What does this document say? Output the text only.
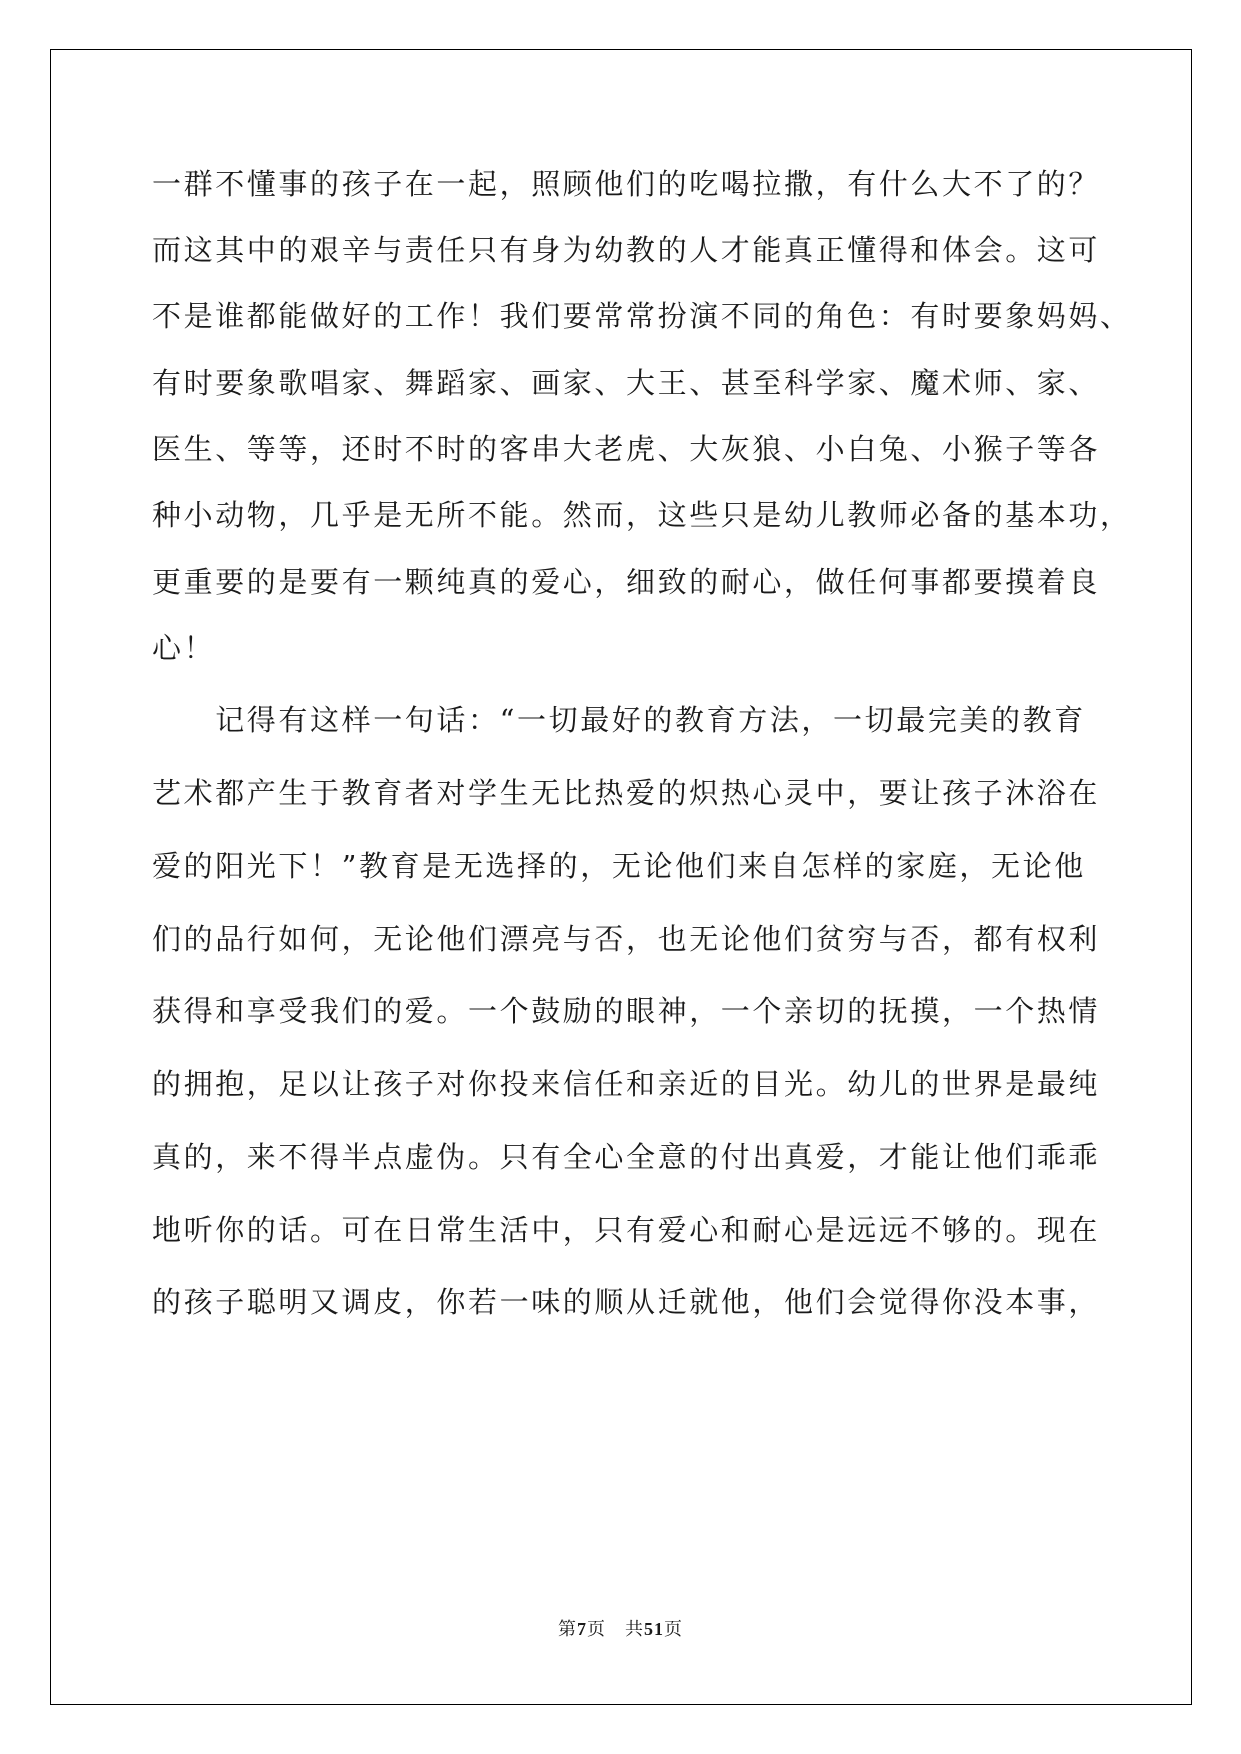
一群不懂事的孩子在一起，照顾他们的吃喝拉撒，有什么大不了的？

而这其中的艰辛与责任只有身为幼教的人才能真正懂得和体会。这可

不是谁都能做好的工作！我们要常常扮演不同的角色：有时要象妈妈、

有时要象歌唱家、舞蹈家、画家、大王、甚至科学家、魔术师、家、

医生、等等，还时不时的客串大老虎、大灰狼、小白兔、小猴子等各

种小动物，几乎是无所不能。然而，这些只是幼儿教师必备的基本功，

更重要的是要有一颗纯真的爱心，细致的耐心，做任何事都要摸着良

心！

　　记得有这样一句话：“一切最好的教育方法，一切最完美的教育

艺术都产生于教育者对学生无比热爱的炽热心灵中，要让孩子沐浴在

爱的阳光下！”教育是无选择的，无论他们来自怎样的家庭，无论他

们的品行如何，无论他们漂亮与否，也无论他们贫穷与否，都有权利

获得和享受我们的爱。一个鼓励的眼神，一个亲切的抚摸，一个热情

的拥抱，足以让孩子对你投来信任和亲近的目光。幼儿的世界是最纯

真的，来不得半点虚伪。只有全心全意的付出真爱，才能让他们乖乖

地听你的话。可在日常生活中，只有爱心和耐心是远远不够的。现在

的孩子聪明又调皮，你若一味的顺从迁就他，他们会觉得你没本事，

第7页　共51页
